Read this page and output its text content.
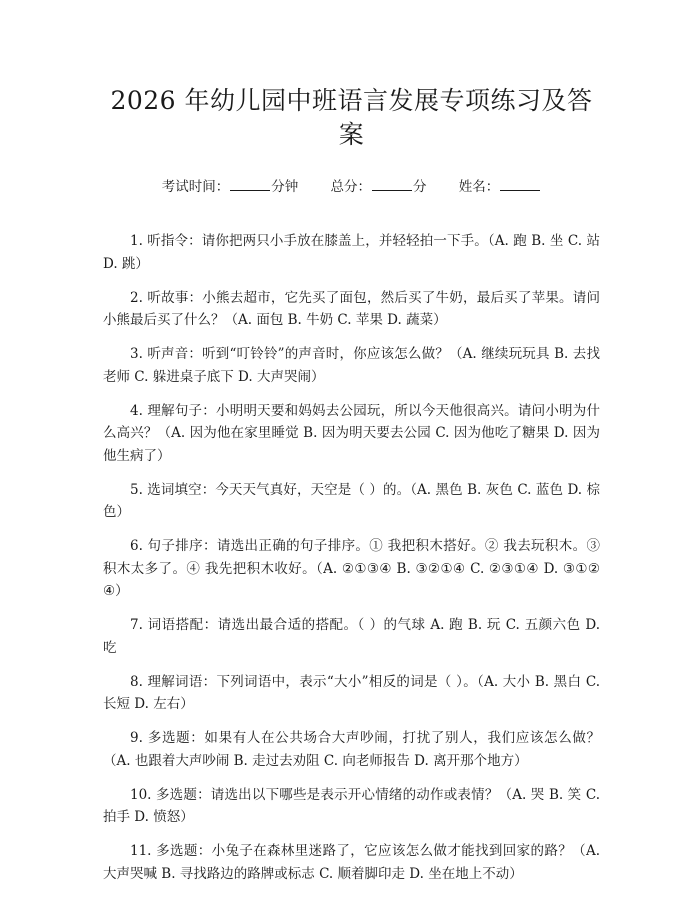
2026 年幼儿园中班语言发展专项练习及答案
考试时间：	分钟 总分：	分 姓名：

1. 听指令：请你把两只小手放在膝盖上，并轻轻拍一下手。（A. 跑 B. 坐 C. 站 D. 跳）

2. 听故事：小熊去超市，它先买了面包，然后买了牛奶，最后买了苹果。请问小熊最后买了什么？（A. 面包 B. 牛奶 C. 苹果 D. 蔬菜）

3. 听声音：听到“叮铃铃”的声音时，你应该怎么做？（A. 继续玩玩具 B. 去找老师 C. 躲进桌子底下 D. 大声哭闹）

4. 理解句子：小明明天要和妈妈去公园玩，所以今天他很高兴。请问小明为什么高兴？（A. 因为他在家里睡觉 B. 因为明天要去公园 C. 因为他吃了糖果 D. 因为他生病了）

5. 选词填空：今天天气真好，天空是（ ）的。（A. 黑色 B. 灰色 C. 蓝色 D. 棕色）

6. 句子排序：请选出正确的句子排序。① 我把积木搭好。② 我去玩积木。③ 积木太多了。④ 我先把积木收好。（A. ②①③④ B. ③②①④ C. ②③①④ D. ③①②④）

7. 词语搭配：请选出最合适的搭配。（ ）的气球 A. 跑 B. 玩 C. 五颜六色 D. 吃

8. 理解词语：下列词语中，表示“大小”相反的词是（ ）。（A. 大小 B. 黑白 C. 长短 D. 左右）

9. 多选题：如果有人在公共场合大声吵闹，打扰了别人，我们应该怎么做？（A. 也跟着大声吵闹 B. 走过去劝阻 C. 向老师报告 D. 离开那个地方）

10. 多选题：请选出以下哪些是表示开心情绪的动作或表情？（A. 哭 B. 笑 C. 拍手 D. 愤怒）

11. 多选题：小兔子在森林里迷路了，它应该怎么做才能找到回家的路？（A. 大声哭喊 B. 寻找路边的路牌或标志 C. 顺着脚印走 D. 坐在地上不动）
